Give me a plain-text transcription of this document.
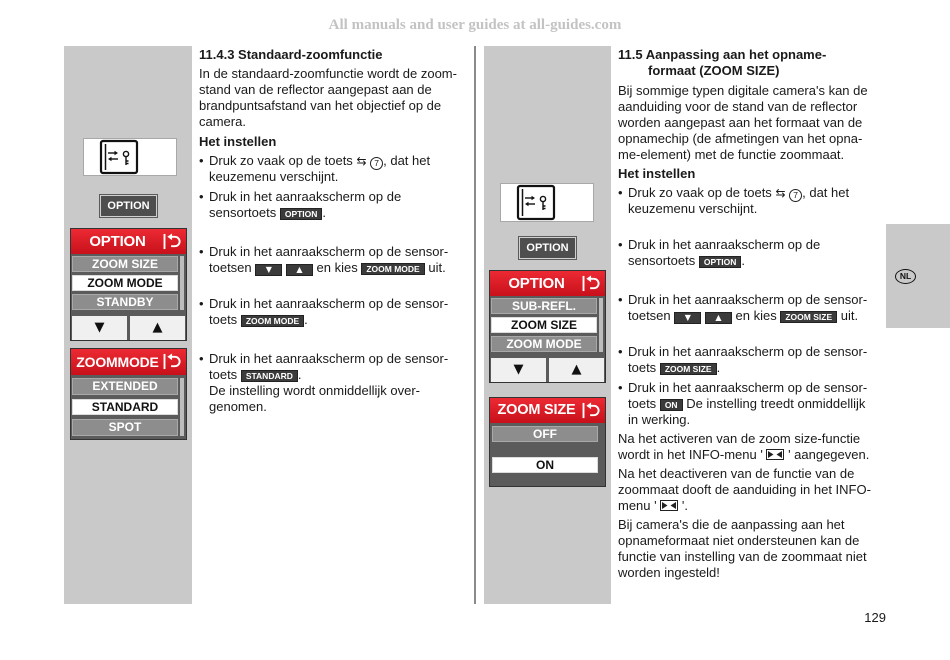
All manuals and user guides at all-guides.com
OPTION
OPTION
ZOOM SIZE
ZOOM MODE
STANDBY
▼	▲
ZOOMMODE
EXTENDED
STANDARD
SPOT
11.4.3 Standaard-zoomfunctie
In de standaard-zoomfunctie wordt de zoom-
stand van de reflector aangepast aan de
brandpuntsafstand van het objectief op de
camera.
Het instellen
• Druk zo vaak op de toets ⇆ 7 , dat het
keuzemenu verschijnt.
• Druk in het aanraakscherm op de
sensortoets OPTION .
• Druk in het aanraakscherm op de sensor-
toetsen ▼	▲ en kies ZOOM MODE uit.
• Druk in het aanraakscherm op de sensor-
toets ZOOM MODE .
• Druk in het aanraakscherm op de sensor-
toets STANDARD .
De instelling wordt onmiddellijk over-
genomen.
OPTION
OPTION
SUB-REFL.
ZOOM SIZE
ZOOM MODE
▼	▲
ZOOM SIZE
OFF
ON
11.5 Aanpassing aan het opname-
formaat (ZOOM SIZE)
Bij sommige typen digitale camera's kan de
aanduiding voor de stand van de reflector
worden aangepast aan het formaat van de
opnamechip (de afmetingen van het opna-
me-element) met de functie zoommaat.
Het instellen
• Druk zo vaak op de toets ⇆ 7 , dat het
keuzemenu verschijnt.
• Druk in het aanraakscherm op de
sensortoets OPTION .
• Druk in het aanraakscherm op de sensor-
toetsen ▼	▲ en kies ZOOM SIZE uit.
• Druk in het aanraakscherm op de sensor-
toets ZOOM SIZE .
• Druk in het aanraakscherm op de sensor-
toets ON De instelling treedt onmiddellijk
in werking.
Na het activeren van de zoom size-functie
wordt in het INFO-menu ' ' aangegeven.
Na het deactiveren van de functie van de
zoommaat dooft de aanduiding in het INFO-
menu ' '.
Bij camera's die de aanpassing aan het
opnameformaat niet ondersteunen kan de
functie van instelling van de zoommaat niet
worden ingesteld!
NL
129
